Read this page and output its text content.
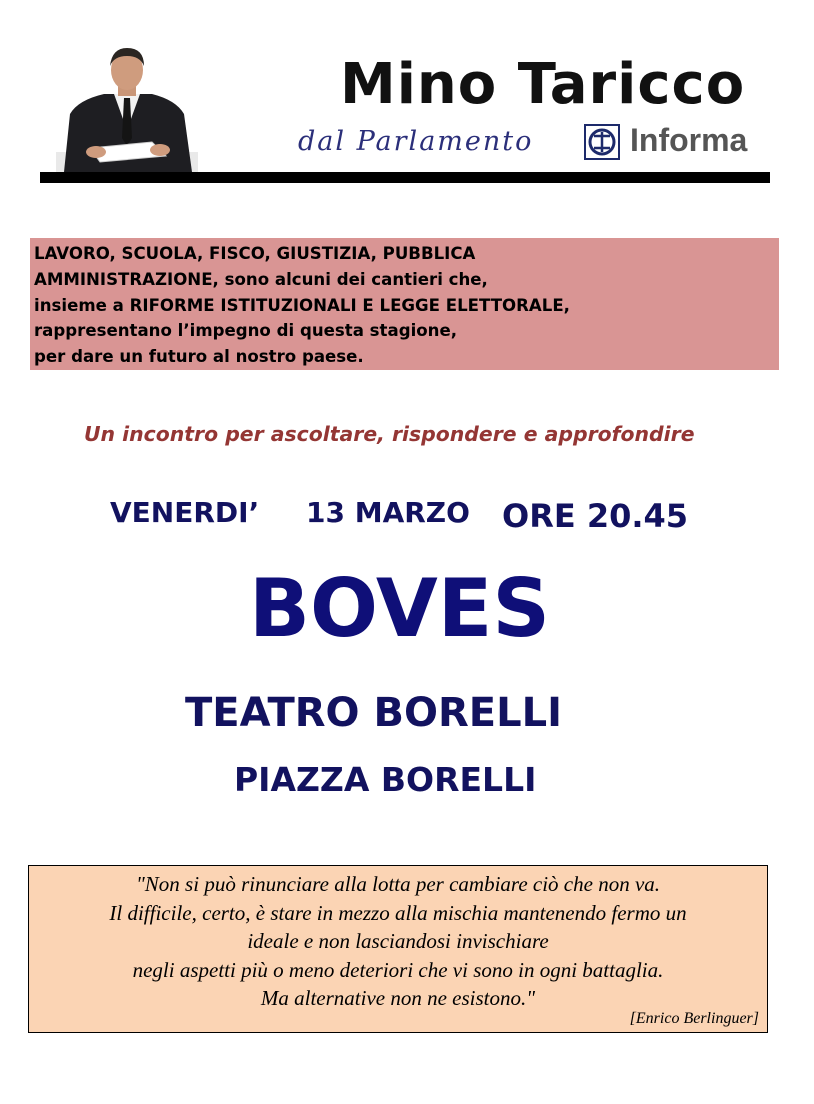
Mino Taricco
dal Parlamento	Informa
LAVORO, SCUOLA, FISCO, GIUSTIZIA, PUBBLICA
AMMINISTRAZIONE, sono alcuni dei cantieri che,
insieme a RIFORME ISTITUZIONALI E LEGGE ELETTORALE,
rappresentano l’impegno di questa stagione,
per dare un futuro al nostro paese.
Un incontro per ascoltare, rispondere e approfondire
VENERDI’ 13 MARZO ORE 20.45
BOVES
TEATRO BORELLI
PIAZZA BORELLI
"Non si può rinunciare alla lotta per cambiare ciò che non va.
Il difficile, certo, è stare in mezzo alla mischia mantenendo fermo un
ideale e non lasciandosi invischiare
negli aspetti più o meno deteriori che vi sono in ogni battaglia.
Ma alternative non ne esistono."
[Enrico Berlinguer]
